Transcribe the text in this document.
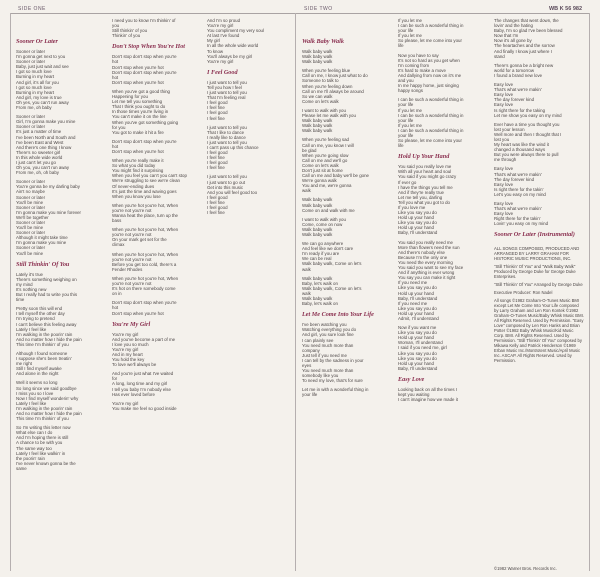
SIDE ONE	SIDE TWO	WB K 56 982
Sooner Or Later
Sooner or later
I'm gonna get next to you
Sooner or later
Baby, just just wait and see
I got so much love
Burning in my heart
And girl, it's all for you
I got so much love
Burning in my heart
And girl, my love is true
Oh yes, you can't run away
From me, oh baby
Sooner or later
Girl, I'm gonna make you mine
Sooner or later
It's just a matter of time
I've been North and South and
I've been East and West
And there's one thing I know
There's no sweeter girl
In this whole wide world
I just can't let you go
Oh you, you can't run away
From me, oh, oh baby
Sooner or later
You're gonna be my darling baby
Ain't no maybe
Sooner or later
You'll be mine
Sooner or later
I'm gonna make you mine forever
We'll be together
Sooner or later
You'll be mine
Sooner or later
Although it might take time
I'm gonna make you mine
Sooner or later
You'll be mine
Still Thinkin' Of You
Lately it's true
There's something weighing on
my mind
It's nothing new
But I really had to write you this
time
Pretty soon this will end
I tell myself the other day
I'm trying to pretend
I can't believe this feeling away
Lately I feel like
I'm walking in the poorin' rain
And no matter how I hide the pain
This time I'm thinkin' of you
Although I found someone
I suppose she's been treatin'
me right
Still I find myself awake
And alone in the night
Well it seems so long
So long since we said goodbye
I miss you so I love
Now I find myself wonderin' why
Lately I feel like
I'm walking in the poorin' rain
And no matter how I hide the pain
This time I'm thinkin' of you
So I'm writing this letter now
What else can I do
And I'm hoping there is still
A chance to be with you
The same way too
Lately I feel like walkin' in
the poorin' rain
I've never known gonna be the
same
I need you to know I'm thinkin' of
you
Still thinkin' of you
Thinkin' of you
Don't Stop When You're Hot
Don't stop don't stop when you're
hot
Don't stop when you're hot
Don't stop don't stop when you're
hot
Don't stop when you're hot
When you've got a good thing
Happening for you
Let me tell you something
That I think you ought to do
In those times you're living in
You can't make it on the line
When you've got something going
for you
You got to make it hit a fire
Don't stop don't stop when you're
hot
Don't stop when you're hot
When you're really make it
So what you did today
You might find it surprising
When you feel you can't you can't stop
We're struggling to see we're clean
Of never-ending dues
It's just the time and waving goes
When you know you lose
When you're hot you're hot, When
you're not you're not
Wanna heat the place, turn up the
bass
When you're hot you're hot, When
you're not you're not
On your mark get set for the
climax
When you're hot you're hot, When
you're not you're not
Before you get too cold, there's a
Fender Rhodes
When you're hot you're hot, When
you're not you're not
It's hot on there somebody come
on in
Don't stop don't stop when you're
hot
Don't stop when you're hot
You're My Girl
You're my girl
And you've become a part of me
I love you so much
You're my girl
And in my heart
You hold the key
To love we'll always be
And you're just what I've waited
for
A long, long time and my girl
I tell you baby I'm nobody else
Has ever loved before
You're my girl
You make me feel so good inside
And I'm so proud
You're my girl
You compliment my very soul
At last I've found
My girl
In all the whole wide world
To know
You'll always be my girl
You're my girl
I Feel Good
I just want to tell you
Tell you how I feel
I just want to tell you
That I'm feeling real
I feel good
I feel fine
I feel good
I feel fine
I just want to tell you
That I like to dance
I really like to dance
I just want to tell you
I can't pass up this chance
I feel good
I feel fine
I feel good
I feel fine
I just want to tell you
I just want to go out
Get into this music
And you will feel good too
I feel good
I feel fine
I feel good
I feel fine
Walk Baby Walk
Walk baby walk
Walk baby walk
Walk baby walk
When you're feeling blue
Call on me, I know just what to do
Someone to talk to
When you're feeling down
Call on me I'll always be around
So we can walk
Come on let's walk
I want to walk with you
Please let me walk with you
Walk baby walk
Walk baby walk
Walk baby walk
When you're feeling sad
Call on me, you know I will
be glad
When you're going slow
Call on me and we'll go
Come on let's walk
Don't just sit at home
Call on me and baby we'll be gone
We're gonna walk
You and me, we're gonna
walk
Walk baby walk
Walk baby walk
Come on and walk with me
I want to walk with you
Come, come on now
Walk baby walk
Walk baby walk
We can go anywhere
And feel like we don't care
I'm ready if you are
We can be real
Walk baby walk, Come on let's
walk
Walk baby walk
Baby, let's walk on
Walk baby walk, Come on let's
walk
Walk baby walk
Baby, let's walk on
Let Me Come Into Your Life
I've been watching you
Watching everything you do
And girl, you sure look fine
I can plainly see
You need much more than
company
Just tell if you need me
I can tell by the sadness in your
eyes
You need much more than
somebody like you
To need my love, that's for sure
Let me in with a wonderful thing in
your life
If you let me
I can be such a wonderful thing in
your life
If you let me
So please, let me come into your
life
Now you have to say
It's not so hard as you get when
I'm coming from
It's hard to make a move
And dallying from now on it's me
and you
In me happy home, just singing
happy songs
I can be such a wonderful thing in
your life
If you let me
I can be such a wonderful thing in
your life
If you let me
I can be such a wonderful thing in
your life
So please, let me come into your
life
Hold Up Your Hand
You said you really love me
With all your heart and soul
You said if you might go crazy
If ever go
I have the things you tell me
And if they're really true
Let me tell you, darling
Tell you what you got to do
If you love me
Like you say you do
Hold up your hand
Like you say you do
Hold up your hand
Baby, I'll understand
You said you really need me
More than flowers need the sun
And there's nobody else
Because I'm the only one
You need the every morning
You said you want to see my face
And if anything is ever wrong
You say you can make it right
If you need me
Like you say you do
Hold up your hand
Baby, I'll understand
If you need me
Like you say you do
Hold up your hand
Admit, I'll understand
Now if you want me
Like you say you do
Hold up your hand
Woman, I'll understand
I said if you need me, girl
Like you say you do
Like you say you do
Hold up your hand
Baby, I'll understand
Easy Love
Looking back on all the times I
kept you waiting
I can't imagine how we made it
The changes that went down, the
lovin' and the hating
Baby, I'm so glad I've been blessed
Now that I'm
Now it's all gone by
The heartaches and the sorrow
And finally I know just where I
stand
There's gonna be a bright new
world for a tomorrow
I found a brand new love
Easy love
That's what we're makin'
Easy love
The day forever kind
Easy love
Is right there for the taking
Let me show you easy on my mind
Ever have a time you thought you
lost your lesson
Well more and then I thought that I
lost you
My heart was like the wind it
changed a thousand ways
But you were always there to pull
me through
Easy love
That's what we're makin'
The day forever kind
Easy love
Is right there for the takin'
Let's you easy on my mind
Easy love
That's what we're makin'
Easy love
Right there for the takin'
Lovin' you easy on my mind
Sooner Or Later (Instrumental)
ALL SONGS COMPOSED, PRODUCED AND ARRANGED BY LARRY GRAHAM FOR HISTORIC MUSIC PRODUCTIONS, INC.
"Still Thinkin' Of You" and "Walk Baby Walk" Produced by George Duke for George Duke Enterprises.
"Still Thinkin' Of You" Arranged by George Duke
Executive Producer: Ron Nadel
All songs ©1982 Graham-O-Tunes Music BMI except Let Me Come Into Your Life composed by Larry Graham and Len Ron Kontek ©1982 Graham-O-Tunes Music/Baby Whisk Music BMI. All Rights Reserved. Used by Permission. "Easy Love" composed by Len Ron Hanks and Brian Potter ©1982 Baby Whisk Music/Kid Music Corp. BMI. All Rights Reserved. Used by Permission. "Still Thinkin' Of You" composed by Mikawa Kelly and Patrick Henderson ©1969 Erban Music Inc./Montrotent Music/April Music Inc. ASCAP. All Rights Reserved. Used by Permission.
©1982 Warner Bros. Records Inc.
